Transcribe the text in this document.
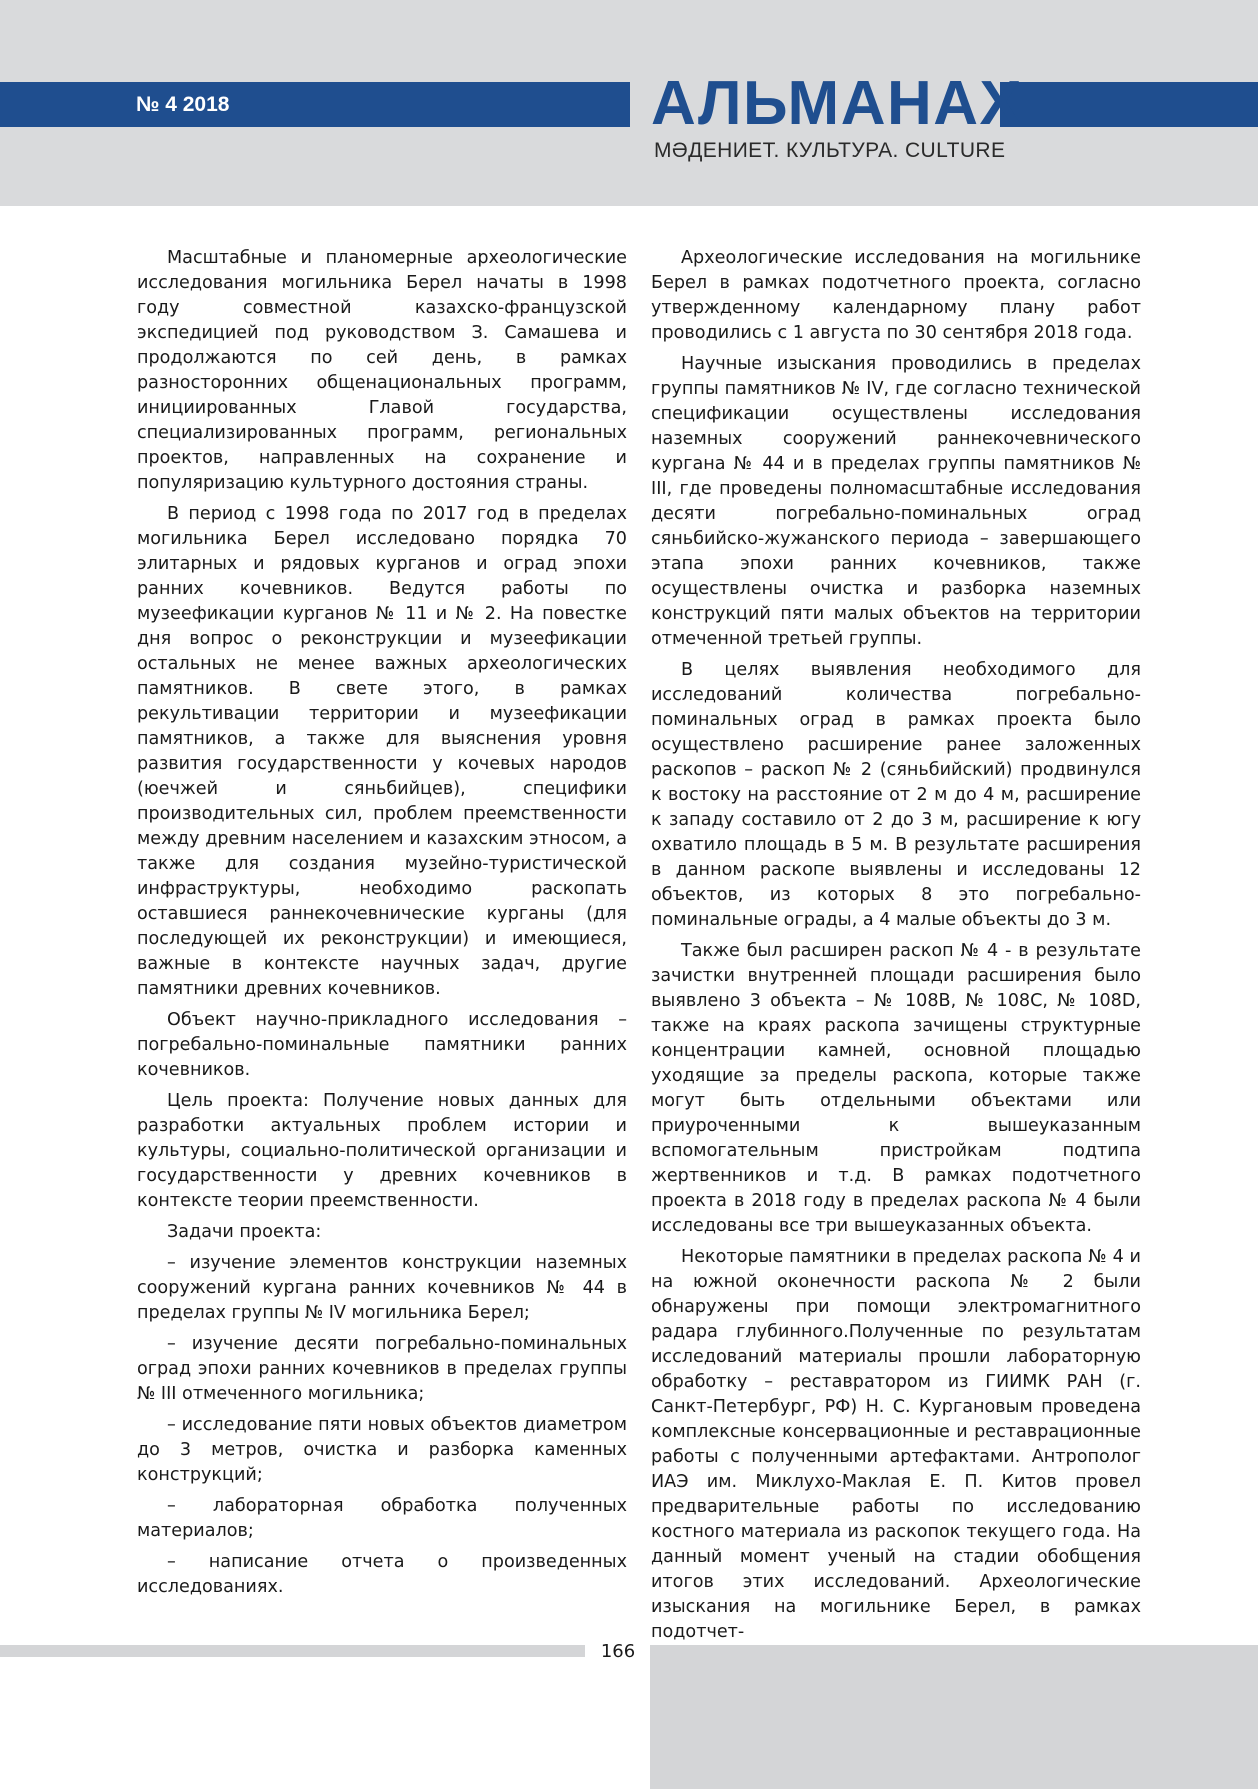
№ 4 2018	АЛЬМАНАХ
МӘДЕНИЕТ. КУЛЬТУРА. CULTURE

Масштабные и планомерные археологические исследования могильника Берел начаты в 1998 году совместной казахско-французской экспедицией под руководством З. Самашева и продолжаются по сей день, в рамках разносторонних общенациональных программ, инициированных Главой государства, специализированных программ, региональных проектов, направленных на сохранение и популяризацию культурного достояния страны.

В период с 1998 года по 2017 год в пределах могильника Берел исследовано порядка 70 элитарных и рядовых курганов и оград эпохи ранних кочевников. Ведутся работы по музеефикации курганов № 11 и № 2. На повестке дня вопрос о реконструкции и музеефикации остальных не менее важных археологических памятников. В свете этого, в рамках рекультивации территории и музеефикации памятников, а также для выяснения уровня развития государственности у кочевых народов (юечжей и сяньбийцев), специфики производительных сил, проблем преемственности между древним населением и казахским этносом, а также для создания музейно-туристической инфраструктуры, необходимо раскопать оставшиеся раннекочевнические курганы (для последующей их реконструкции) и имеющиеся, важные в контексте научных задач, другие памятники древних кочевников.

Объект научно-прикладного исследования – погребально-поминальные памятники ранних кочевников.

Цель проекта: Получение новых данных для разработки актуальных проблем истории и культуры, социально-политической организации и государственности у древних кочевников в контексте теории преемственности.

Задачи проекта:

– изучение элементов конструкции наземных сооружений кургана ранних кочевников № 44 в пределах группы № IV могильника Берел;

– изучение десяти погребально-поминальных оград эпохи ранних кочевников в пределах группы № III отмеченного могильника;

– исследование пяти новых объектов диаметром до 3 метров, очистка и разборка каменных конструкций;

– лабораторная обработка полученных материалов;

– написание отчета о произведенных исследованиях.

Археологические исследования на могильнике Берел в рамках подотчетного проекта, согласно утвержденному календарному плану работ проводились с 1 августа по 30 сентября 2018 года.

Научные изыскания проводились в пределах группы памятников № IV, где согласно технической спецификации осуществлены исследования наземных сооружений раннекочевнического кургана № 44 и в пределах группы памятников № III, где проведены полномасштабные исследования десяти погребально-поминальных оград сяньбийско-жужанского периода – завершающего этапа эпохи ранних кочевников, также осуществлены очистка и разборка наземных конструкций пяти малых объектов на территории отмеченной третьей группы.

В целях выявления необходимого для исследований количества погребально-поминальных оград в рамках проекта было осуществлено расширение ранее заложенных раскопов – раскоп № 2 (сяньбийский) продвинулся к востоку на расстояние от 2 м до 4 м, расширение к западу составило от 2 до 3 м, расширение к югу охватило площадь в 5 м. В результате расширения в данном раскопе выявлены и исследованы 12 объектов, из которых 8 это погребально-поминальные ограды, а 4 малые объекты до 3 м.

Также был расширен раскоп № 4 - в результате зачистки внутренней площади расширения было выявлено 3 объекта – № 108B, № 108C, № 108D, также на краях раскопа зачищены структурные концентрации камней, основной площадью уходящие за пределы раскопа, которые также могут быть отдельными объектами или приуроченными к вышеуказанным вспомогательным пристройкам подтипа жертвенников и т.д. В рамках подотчетного проекта в 2018 году в пределах раскопа № 4 были исследованы все три вышеуказанных объекта.

Некоторые памятники в пределах раскопа № 4 и на южной оконечности раскопа № 2 были обнаружены при помощи электромагнитного радара глубинного.Полученные по результатам исследований материалы прошли лабораторную обработку – реставратором из ГИИМК РАН (г. Санкт-Петербург, РФ) Н. С. Кургановым проведена комплексные консервационные и реставрационные работы с полученными артефактами. Антрополог ИАЭ им. Миклухо-Маклая Е. П. Китов провел предварительные работы по исследованию костного материала из раскопок текущего года. На данный момент ученый на стадии обобщения итогов этих исследований. Археологические изыскания на могильнике Берел, в рамках подотчет-

166
